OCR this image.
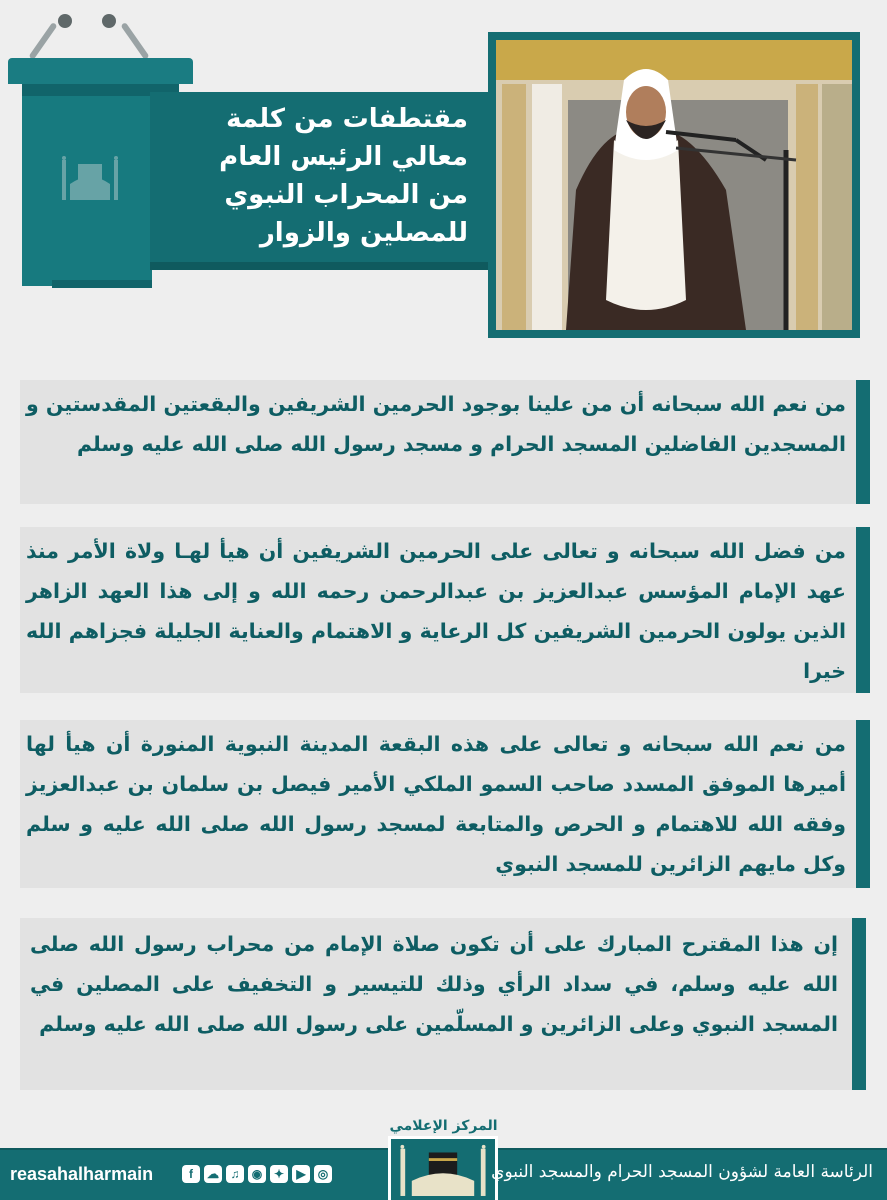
مقتطفات من كلمة
معالي الرئيس العام
من المحراب النبوي
للمصلين والزوار

من نعم الله سبحانه أن من علينا بوجود الحرمين الشريفين والبقعتين المقدستين و المسجدين الفاضلين المسجد الحرام و مسجد رسول الله صلى الله عليه وسلم

من فضل الله سبحانه و تعالى على الحرمين الشريفين أن هيأ لهـا ولاة الأمر منذ عهد الإمام المؤسس عبدالعزيز بن عبدالرحمن رحمه الله و إلى هذا العهد الزاهر الذين يولون الحرمين الشريفين كل الرعاية و الاهتمام والعناية الجليلة فجزاهم الله خيرا

من نعم الله سبحانه و تعالى على هذه البقعة المدينة النبوية المنورة أن هيأ لها أميرها الموفق المسدد صاحب السمو الملكي الأمير فيصل بن سلمان بن عبدالعزيز وفقه الله للاهتمام و الحرص والمتابعة لمسجد رسول الله صلى الله عليه و سلم وكل مايهم الزائرين للمسجد النبوي

إن هذا المقترح المبارك على أن تكون صلاة الإمام من محراب رسول الله صلى الله عليه وسلم، في سداد الرأي وذلك للتيسير و التخفيف على المصلين في المسجد النبوي وعلى الزائرين و المسلّمين على رسول الله صلى الله عليه وسلم

reasahalharmain	f	☁ ♫	◉ ✦	▶	◎
المركز الإعلامي
الرئاسة العامة لشؤون المسجد الحرام والمسجد النبوي
